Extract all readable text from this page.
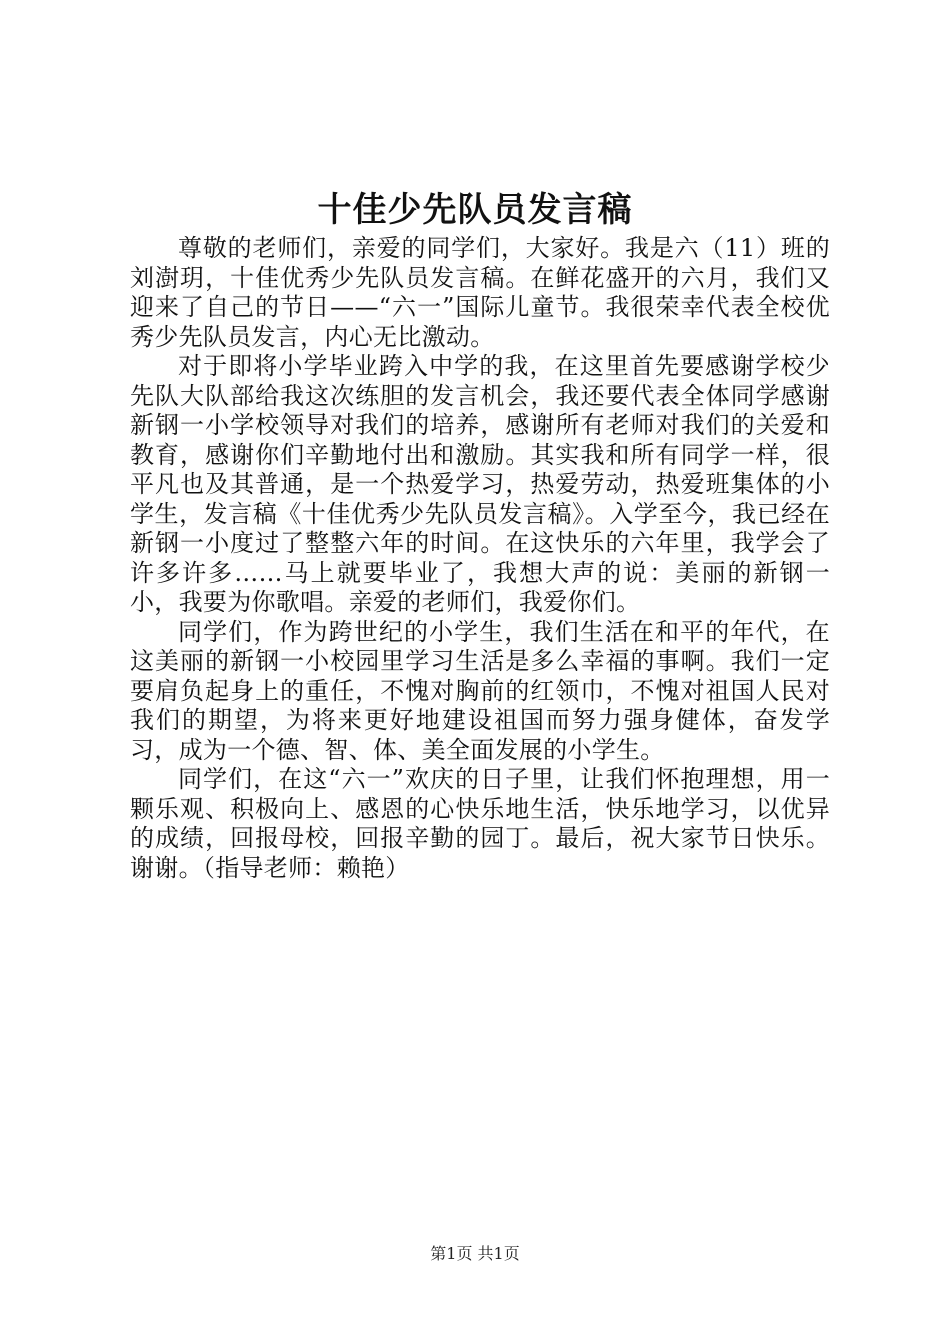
十佳少先队员发言稿

尊敬的老师们，亲爱的同学们，大家好。我是六（11）班的刘澍玥，十佳优秀少先队员发言稿。在鲜花盛开的六月，我们又迎来了自己的节日——“六一”国际儿童节。我很荣幸代表全校优秀少先队员发言，内心无比激动。

对于即将小学毕业跨入中学的我，在这里首先要感谢学校少先队大队部给我这次练胆的发言机会，我还要代表全体同学感谢新钢一小学校领导对我们的培养，感谢所有老师对我们的关爱和教育，感谢你们辛勤地付出和激励。其实我和所有同学一样，很平凡也及其普通，是一个热爱学习，热爱劳动，热爱班集体的小学生，发言稿《十佳优秀少先队员发言稿》。入学至今，我已经在新钢一小度过了整整六年的时间。在这快乐的六年里，我学会了许多许多……马上就要毕业了，我想大声的说：美丽的新钢一小，我要为你歌唱。亲爱的老师们，我爱你们。

同学们，作为跨世纪的小学生，我们生活在和平的年代，在这美丽的新钢一小校园里学习生活是多么幸福的事啊。我们一定要肩负起身上的重任，不愧对胸前的红领巾，不愧对祖国人民对我们的期望，为将来更好地建设祖国而努力强身健体，奋发学习，成为一个德、智、体、美全面发展的小学生。

同学们，在这“六一”欢庆的日子里，让我们怀抱理想，用一颗乐观、积极向上、感恩的心快乐地生活，快乐地学习，以优异的成绩，回报母校，回报辛勤的园丁。最后，祝大家节日快乐。谢谢。（指导老师：赖艳）

第1页 共1页
